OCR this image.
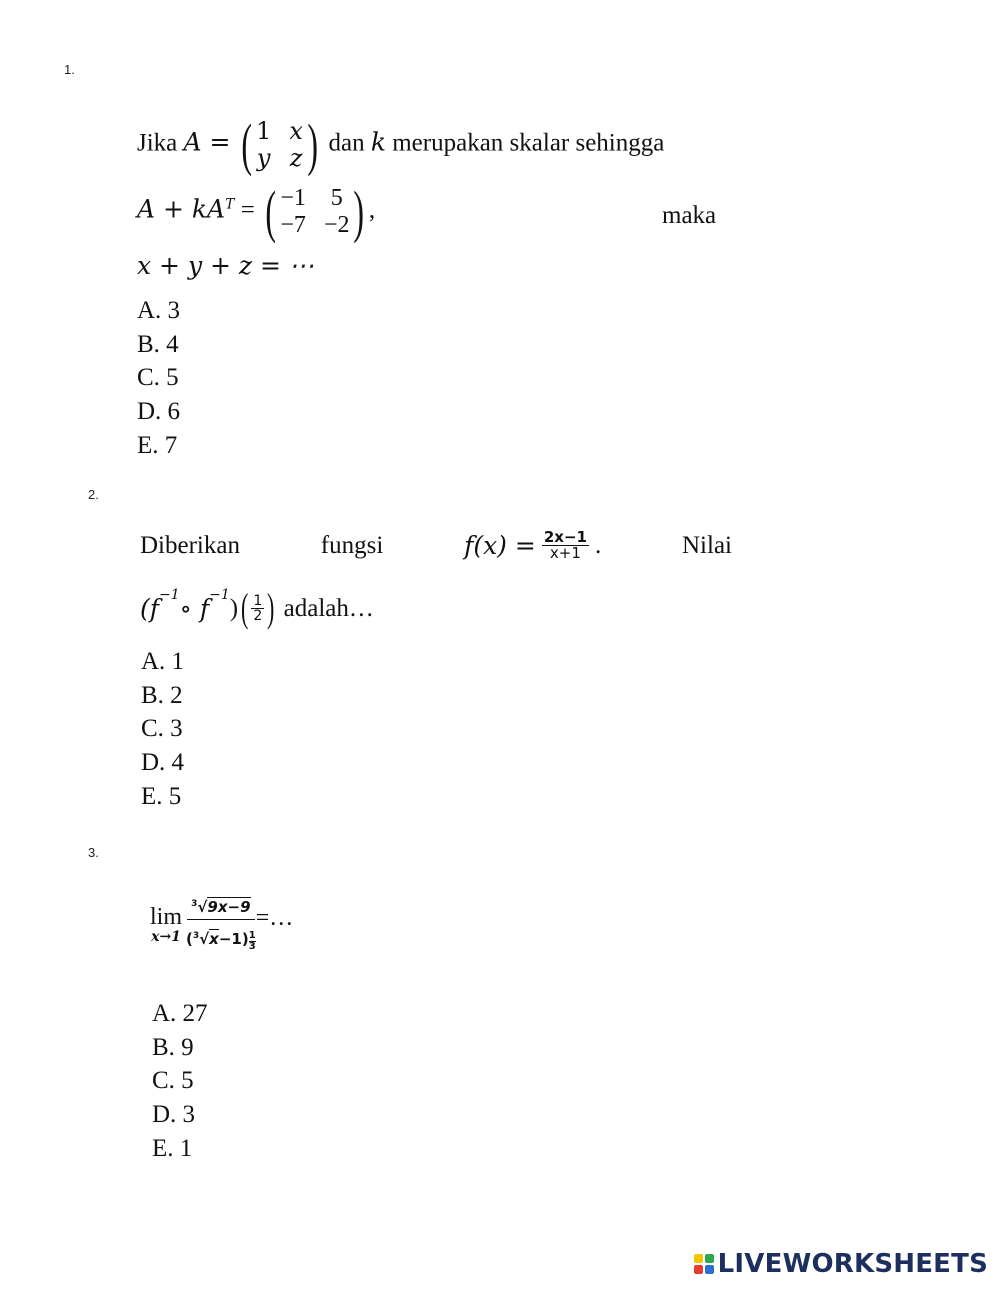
1.
Jika A = ( 1 x
y z ) dan k merupakan skalar sehingga
$A + kA^T$ = ( −1 5
−7 −2 ) ,	maka
x + y + z = ⋯
A. 3
B. 4
C. 5
D. 6
E. 7
2.
Diberikan	fungsi	$f(x) = \frac{2x-1}{x+1}$ .	Nilai
($f^{-1}$ ∘ $f^{-1}$ ) ( $\frac{1}{2}$ ) adalah…
A. 1
B. 2
C. 3
D. 4
E. 5
3.
lim
$x\to 1 \frac{^3√9x-9}{(^3√x-1) \frac{1}{3}}$ =…
A. 27
B. 9
C. 5
D. 3
E. 1
LIVEWORKSHEETS
